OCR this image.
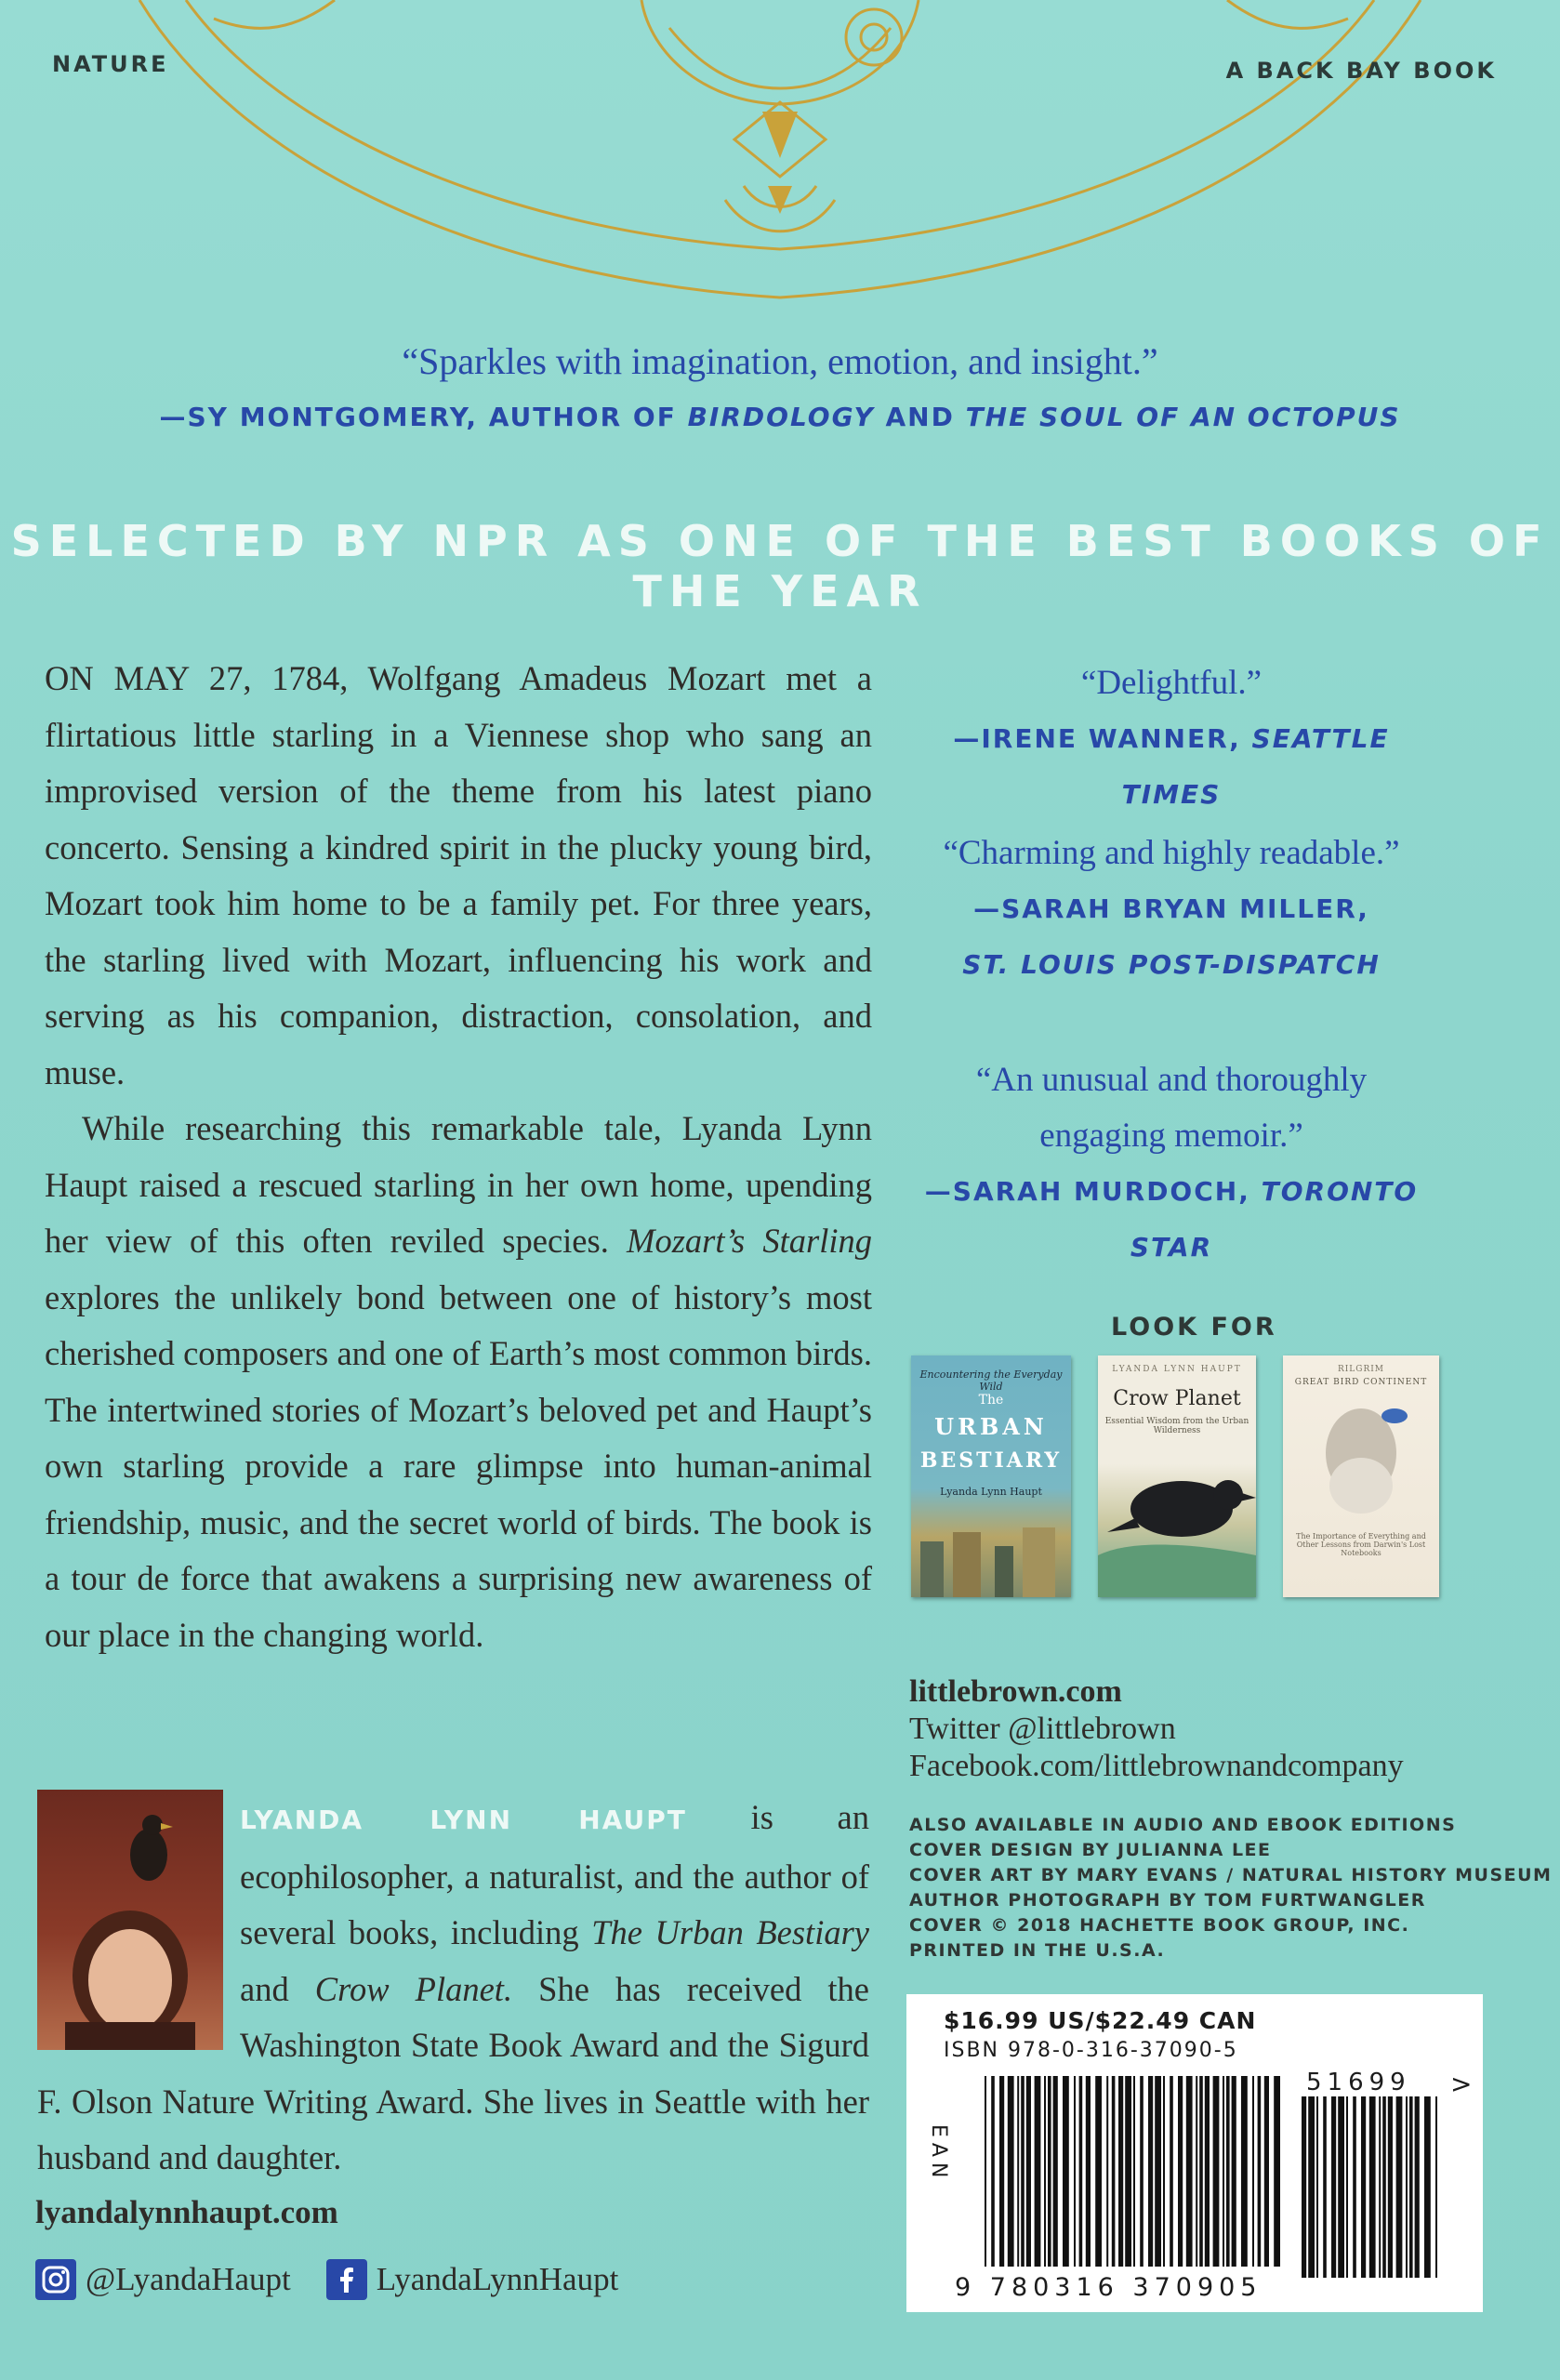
NATURE	A BACK BAY BOOK
“Sparkles with imagination, emotion, and insight.”
—SY MONTGOMERY, AUTHOR OF BIRDOLOGY AND THE SOUL OF AN OCTOPUS
SELECTED BY NPR AS ONE OF THE BEST BOOKS OF THE YEAR

ON MAY 27, 1784, Wolfgang Amadeus Mozart met a flirtatious little starling in a Viennese shop who sang an improvised version of the theme from his latest piano concerto. Sensing a kindred spirit in the plucky young bird, Mozart took him home to be a family pet. For three years, the starling lived with Mozart, influencing his work and serving as his companion, distraction, consolation, and muse.

While researching this remarkable tale, Lyanda Lynn Haupt raised a rescued starling in her own home, upending her view of this often reviled species. Mozart’s Starling explores the unlikely bond between one of history’s most cherished composers and one of Earth’s most common birds. The intertwined stories of Mozart’s beloved pet and Haupt’s own starling provide a rare glimpse into human-animal friendship, music, and the secret world of birds. The book is a tour de force that awakens a surprising new awareness of our place in the changing world.

“Delightful.”
—IRENE WANNER, SEATTLE TIMES
“Charming and highly readable.”
—SARAH BRYAN MILLER,
ST. LOUIS POST-DISPATCH
“An unusual and thoroughly
engaging memoir.”
—SARAH MURDOCH, TORONTO STAR
LOOK FOR
Encountering the Everyday Wild
The
URBAN
BESTIARY
Lyanda Lynn Haupt
LYANDA LYNN HAUPT
Crow Planet
Essential Wisdom from the Urban Wilderness
RILGRIM
GREAT BIRD CONTINENT
The Importance of Everything and Other Lessons from Darwin's Lost Notebooks
littlebrown.com
Twitter @littlebrown
Facebook.com/littlebrownandcompany
ALSO AVAILABLE IN AUDIO AND EBOOK EDITIONS
COVER DESIGN BY JULIANNA LEE
COVER ART BY MARY EVANS / NATURAL HISTORY MUSEUM
AUTHOR PHOTOGRAPH BY TOM FURTWANGLER
COVER © 2018 HACHETTE BOOK GROUP, INC.
PRINTED IN THE U.S.A.
$16.99 US/$22.49 CAN
ISBN 978-0-316-37090-5
EAN
51699 >
9 780316 370905
LYANDA LYNN HAUPT is an ecophilosopher, a naturalist, and the author of several books, including The Urban Bestiary and Crow Planet. She has received the Washington State Book Award and the Sigurd F. Olson Nature Writing Award. She lives in Seattle with her husband and daughter.
lyandalynnhaupt.com
@LyandaHaupt	LyandaLynnHaupt
